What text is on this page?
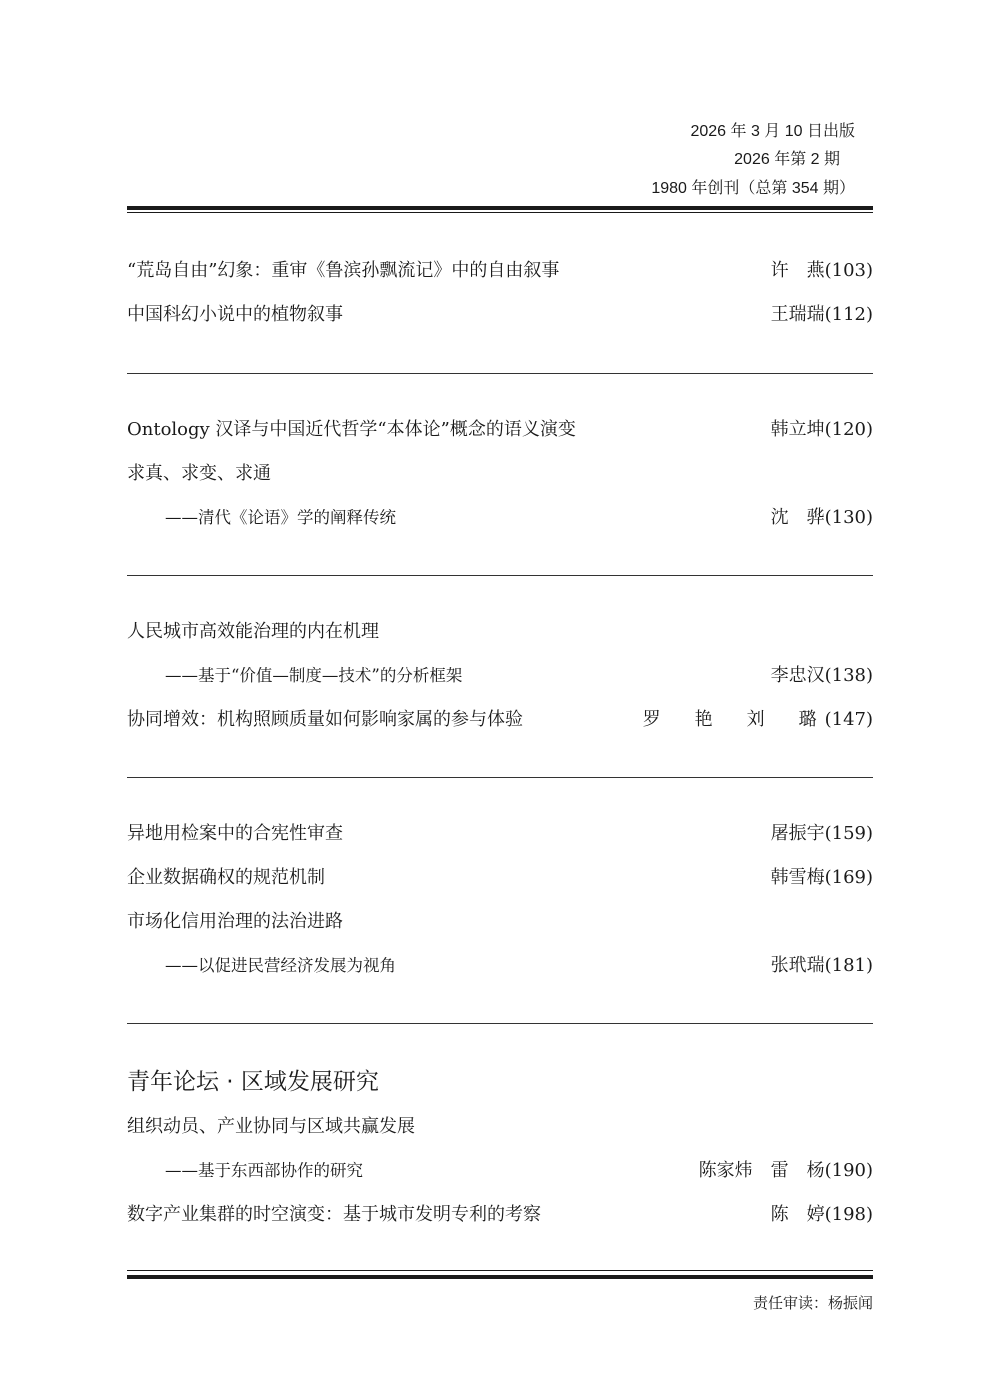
2026 年 3 月 10 日出版
2026 年第 2 期
1980 年创刊（总第 354 期）
“荒岛自由”幻象：重审《鲁滨孙飘流记》中的自由叙事	许　燕(103)
中国科幻小说中的植物叙事	王瑞瑞(112)
Ontology 汉译与中国近代哲学“本体论”概念的语义演变	韩立坤(120)
求真、求变、求通
——清代《论语》学的阐释传统	沈　骅(130)
人民城市高效能治理的内在机理
——基于“价值—制度—技术”的分析框架	李忠汉(138)
协同增效：机构照顾质量如何影响家属的参与体验	罗　艳　刘　璐(147)
异地用检案中的合宪性审查	屠振宇(159)
企业数据确权的规范机制	韩雪梅(169)
市场化信用治理的法治进路
——以促进民营经济发展为视角	张玳瑞(181)
青年论坛 · 区域发展研究
组织动员、产业协同与区域共赢发展
——基于东西部协作的研究	陈家炜　雷　杨(190)
数字产业集群的时空演变：基于城市发明专利的考察	陈　婷(198)
责任审读：杨振闻
